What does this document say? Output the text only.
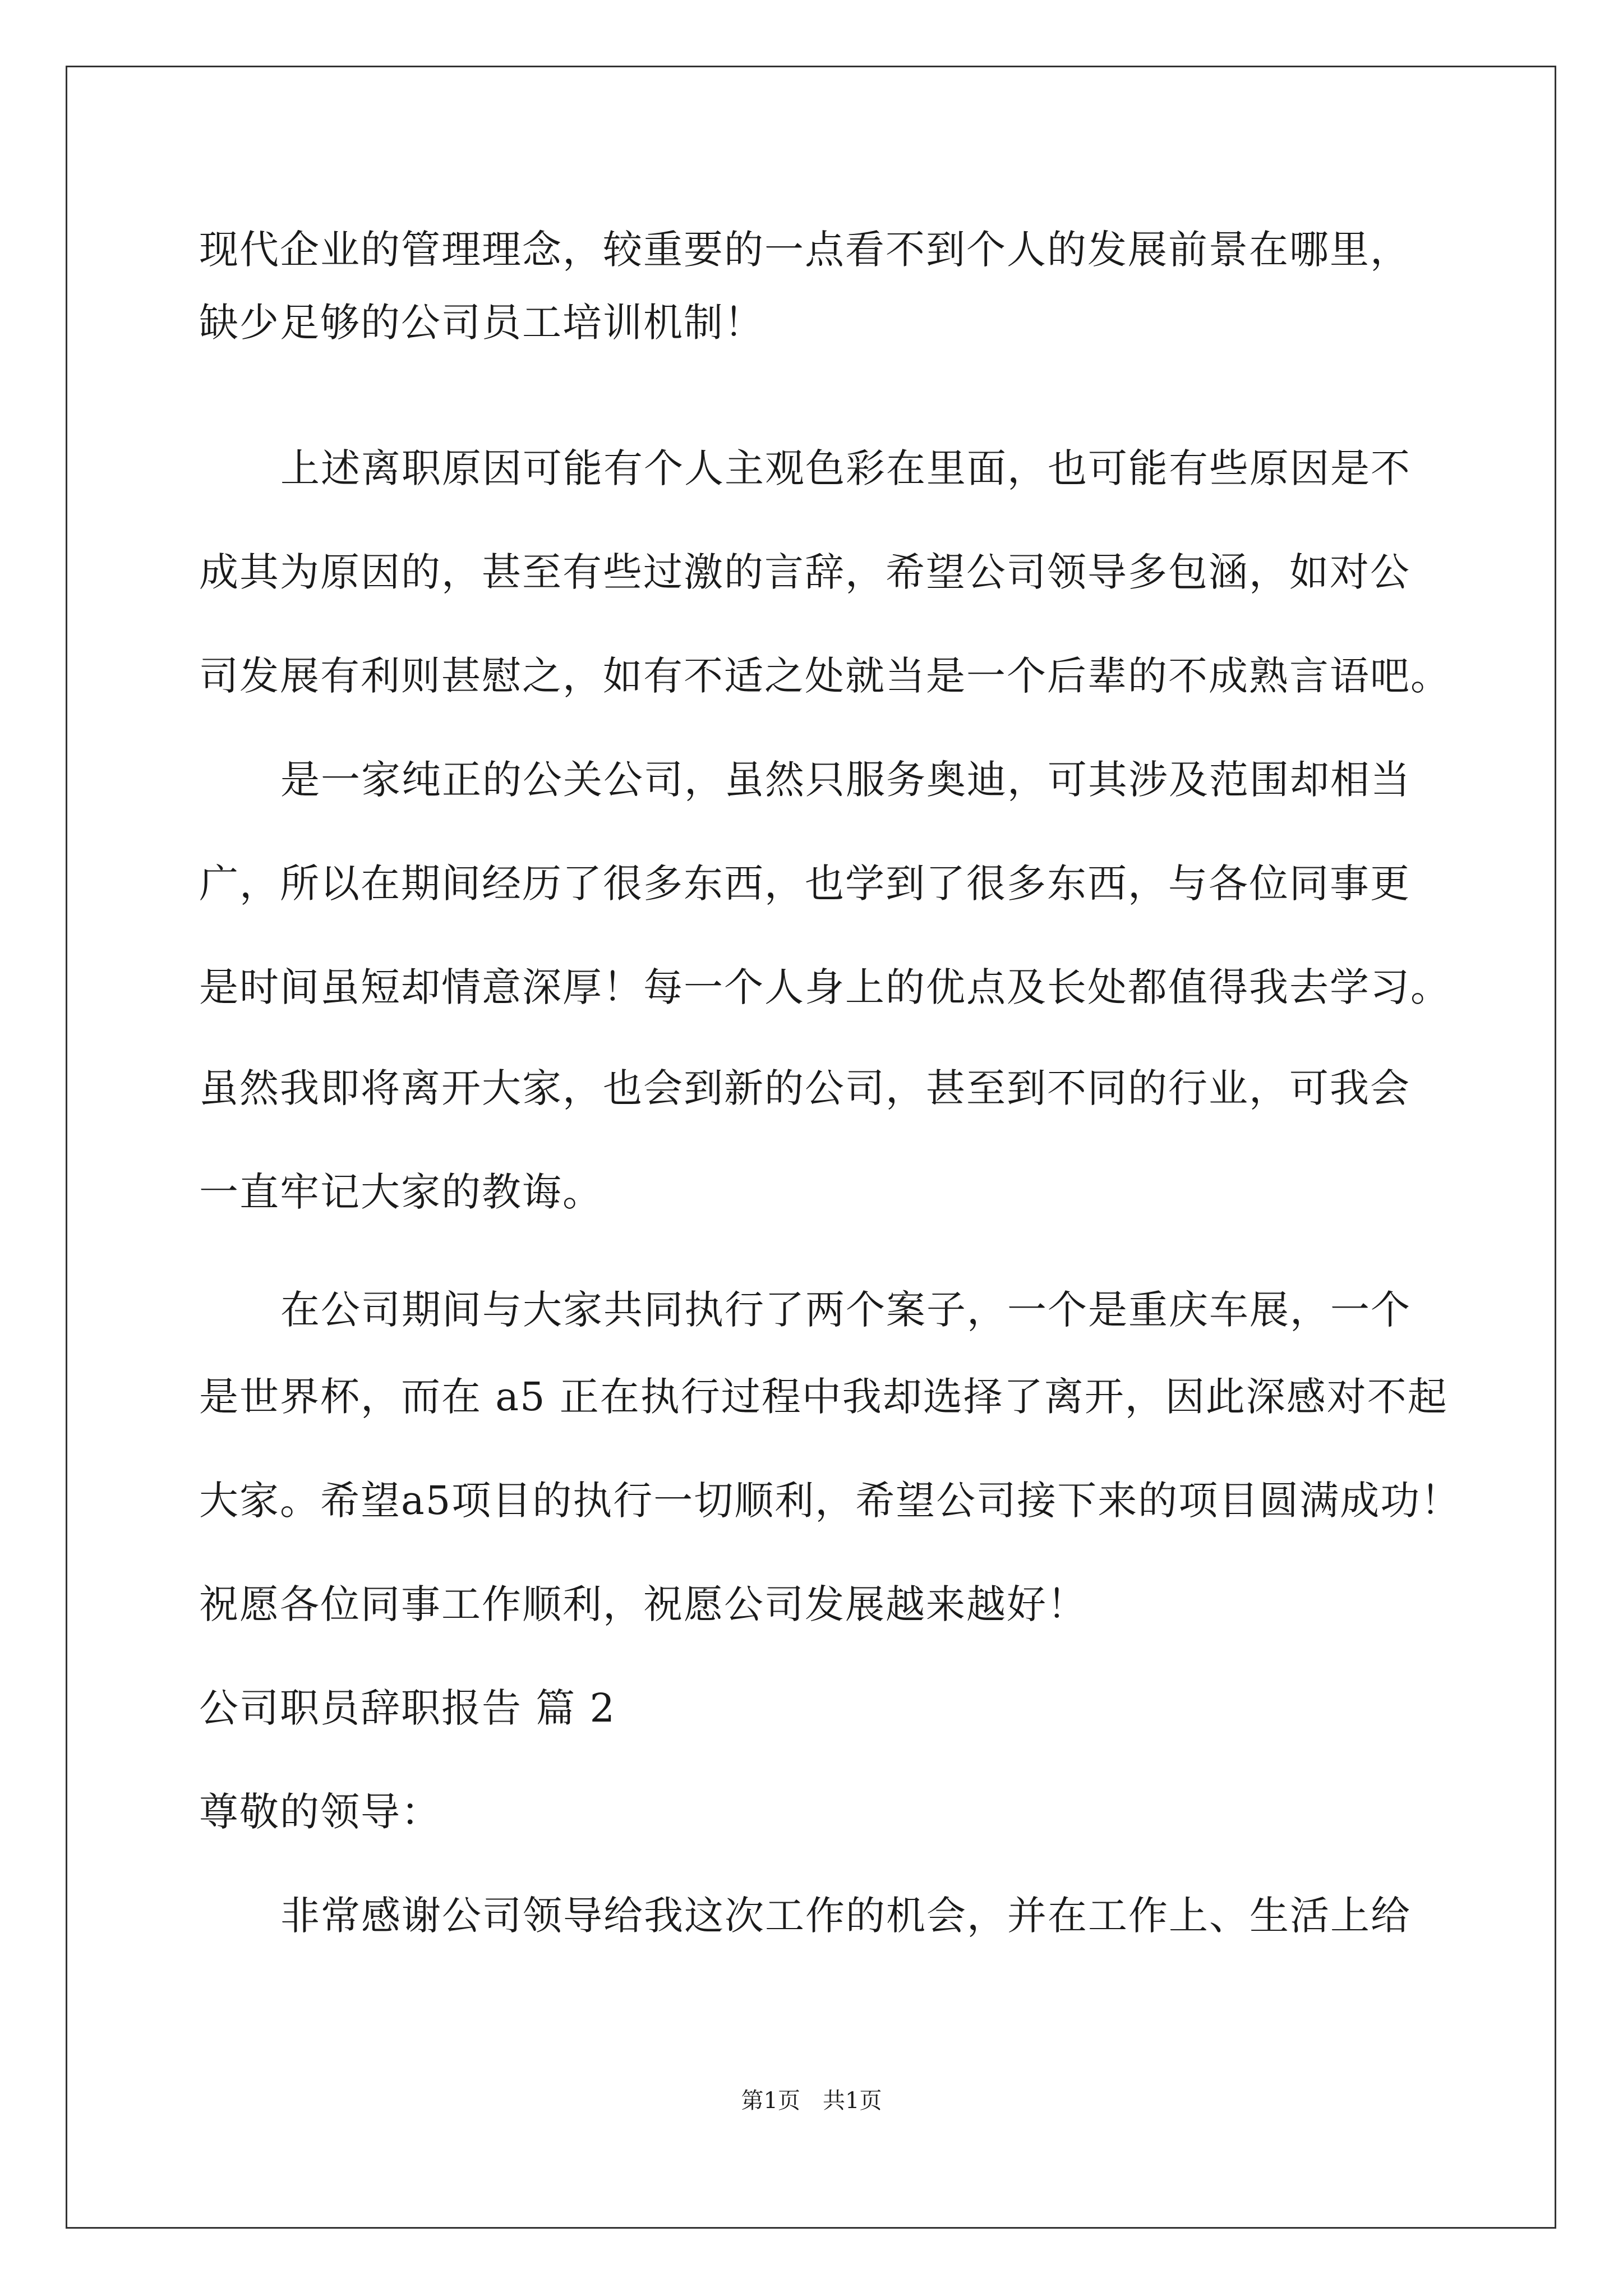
现代企业的管理理念，较重要的一点看不到个人的发展前景在哪里，
缺少足够的公司员工培训机制！
上述离职原因可能有个人主观色彩在里面，也可能有些原因是不
成其为原因的，甚至有些过激的言辞，希望公司领导多包涵，如对公
司发展有利则甚慰之，如有不适之处就当是一个后辈的不成熟言语吧。
是一家纯正的公关公司，虽然只服务奥迪，可其涉及范围却相当
广，所以在期间经历了很多东西，也学到了很多东西，与各位同事更
是时间虽短却情意深厚！每一个人身上的优点及长处都值得我去学习。
虽然我即将离开大家，也会到新的公司，甚至到不同的行业，可我会
一直牢记大家的教诲。
在公司期间与大家共同执行了两个案子，一个是重庆车展，一个
是世界杯，而在 a5 正在执行过程中我却选择了离开，因此深感对不起
大家。希望a5项目的执行一切顺利，希望公司接下来的项目圆满成功！
祝愿各位同事工作顺利，祝愿公司发展越来越好！
公司职员辞职报告 篇 2
尊敬的领导：
非常感谢公司领导给我这次工作的机会，并在工作上、生活上给
第1页　共1页
